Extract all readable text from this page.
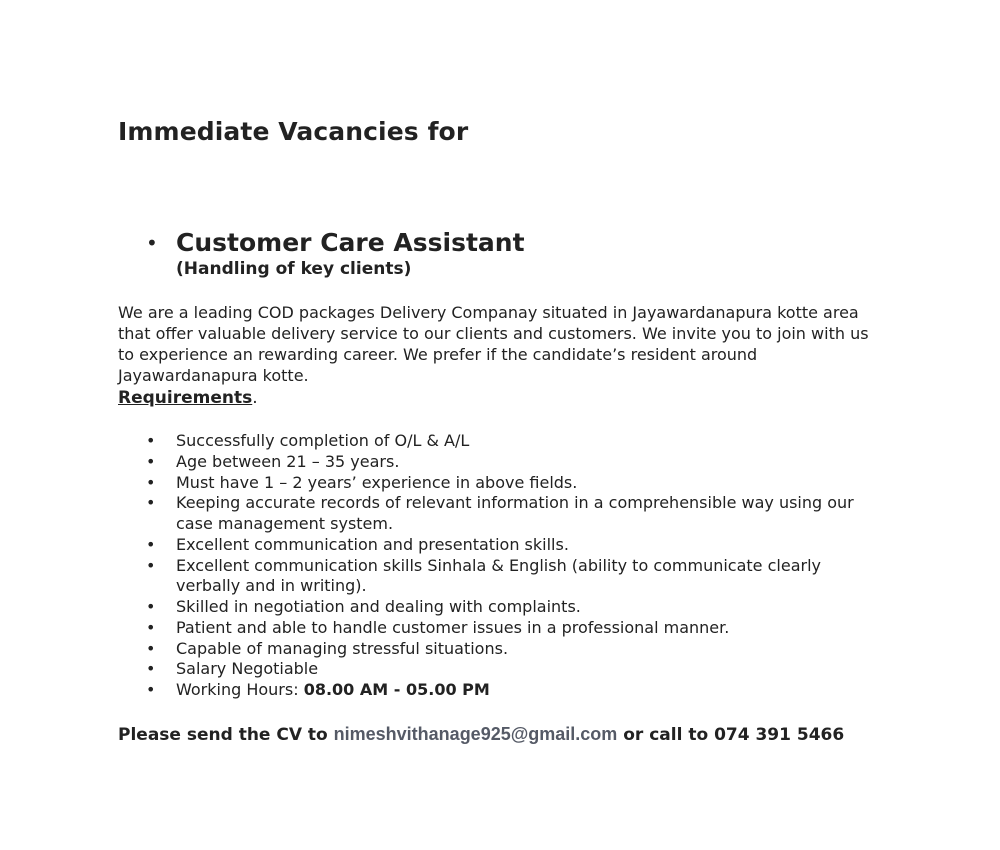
Immediate Vacancies for
• Customer Care Assistant
(Handling of key clients)

We are a leading COD packages Delivery Companay situated in Jayawardanapura kotte area that offer valuable delivery service to our clients and customers. We invite you to join with us to experience an rewarding career. We prefer if the candidate’s resident around Jayawardanapura kotte.

Requirements.
• Successfully completion of O/L & A/L
• Age between 21 – 35 years.
• Must have 1 – 2 years’ experience in above fields.
• Keeping accurate records of relevant information in a comprehensible way using our case management system.
• Excellent communication and presentation skills.
• Excellent communication skills Sinhala & English (ability to communicate clearly verbally and in writing).
• Skilled in negotiation and dealing with complaints.
• Patient and able to handle customer issues in a professional manner.
• Capable of managing stressful situations.
• Salary Negotiable
• Working Hours: 08.00 AM - 05.00 PM
Please send the CV to nimeshvithanage925@gmail.com or call to 074 391 5466
